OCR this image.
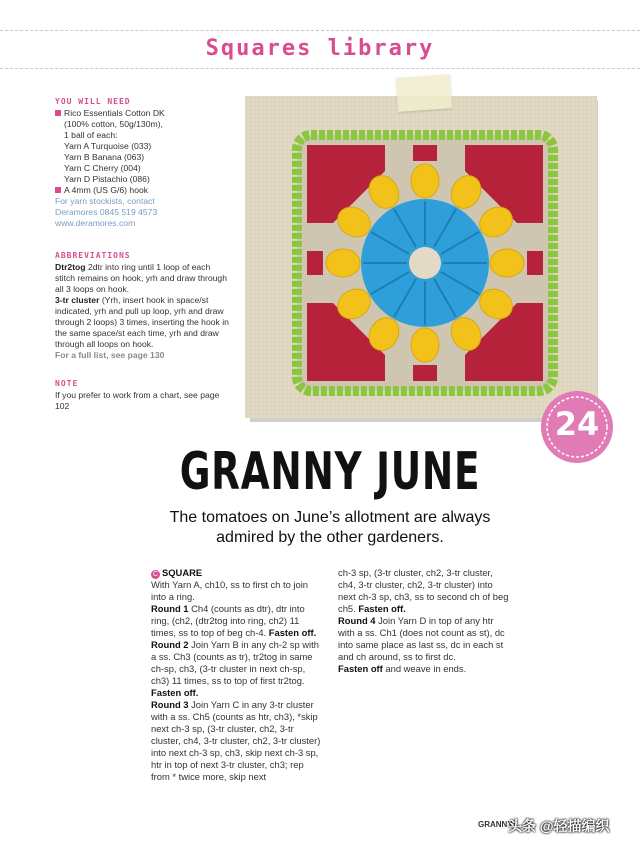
Squares library
YOU WILL NEED
Rico Essentials Cotton DK
(100% cotton, 50g/130m),
1 ball of each:
Yarn A Turquoise (033)
Yarn B Banana (063)
Yarn C Cherry (004)
Yarn D Pistachio (086)
A 4mm (US G/6) hook
For yarn stockists, contact
Deramores 0845 519 4573
www.deramores.com
ABBREVIATIONS
Dtr2tog 2dtr into ring until 1 loop of each stitch remains on hook, yrh and draw through all 3 loops on hook.
3-tr cluster (Yrh, insert hook in space/st indicated, yrh and pull up loop, yrh and draw through 2 loops) 3 times, inserting the hook in the same space/st each time, yrh and draw through all loops on hook.
For a full list, see page 130
NOTE
If you prefer to work from a chart, see page 102	24
GRANNY JUNE
The tomatoes on June’s allotment are always
admired by the other gardeners.
C SQUARE
With Yarn A, ch10, ss to first ch to join into a ring.
Round 1 Ch4 (counts as dtr), dtr into ring, (ch2, (dtr2tog into ring, ch2) 11 times, ss to top of beg ch-4. Fasten off.
Round 2 Join Yarn B in any ch-2 sp with a ss. Ch3 (counts as tr), tr2tog in same ch-sp, ch3, (3-tr cluster in next ch-sp, ch3) 11 times, ss to top of first tr2tog. Fasten off.
Round 3 Join Yarn C in any 3-tr cluster with a ss. Ch5 (counts as htr, ch3), *skip next ch-3 sp, (3-tr cluster, ch2, 3-tr cluster, ch4, 3-tr cluster, ch2, 3-tr cluster) into next ch-3 sp, ch3, skip next ch-3 sp, htr in top of next 3-tr cluster, ch3; rep from * twice more, skip next
ch-3 sp, (3-tr cluster, ch2, 3-tr cluster, ch4, 3-tr cluster, ch2, 3-tr cluster) into next ch-3 sp, ch3, ss to second ch of beg ch5. Fasten off.
Round 4 Join Yarn D in top of any htr with a ss. Ch1 (does not count as st), dc into same place as last ss, dc in each st and ch around, ss to first dc.
Fasten off and weave in ends.
GRANNY
头条 @轻描编织
